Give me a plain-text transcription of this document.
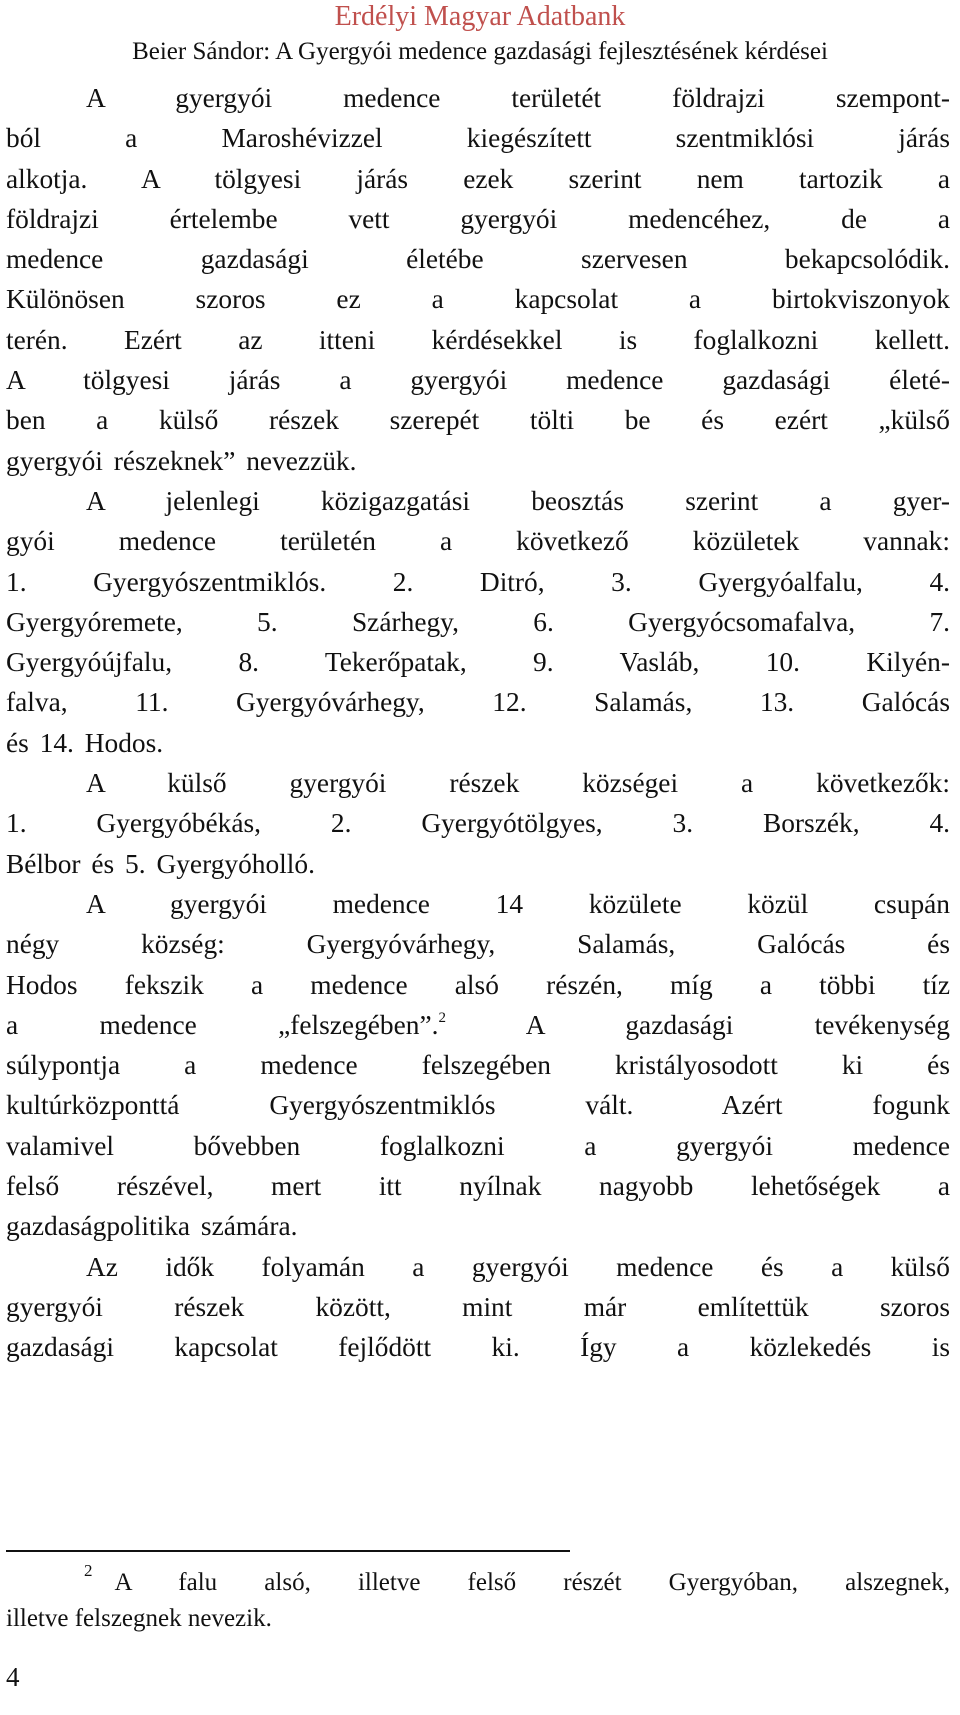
Erdélyi Magyar Adatbank
Beier Sándor: A Gyergyói medence gazdasági fejlesztésének kérdései

A gyergyói medence területét földrajzi szempont-

ból a Maroshévizzel kiegészített szentmiklósi járás

alkotja. A tölgyesi járás ezek szerint nem tartozik a

földrajzi értelembe vett gyergyói medencéhez, de a

medence gazdasági életébe szervesen bekapcsolódik.

Különösen szoros ez a kapcsolat a birtokviszonyok

terén. Ezért az itteni kérdésekkel is foglalkozni kellett.

A tölgyesi járás a gyergyói medence gazdasági életé-

ben a külső részek szerepét tölti be és ezért „külső

gyergyói részeknek” nevezzük.

A jelenlegi közigazgatási beosztás szerint a gyer-

gyói medence területén a következő közületek vannak:

1. Gyergyószentmiklós. 2. Ditró, 3. Gyergyóalfalu, 4.

Gyergyóremete, 5. Szárhegy, 6. Gyergyócsomafalva, 7.

Gyergyóújfalu, 8. Tekerőpatak, 9. Vasláb, 10. Kilyén-

falva, 11. Gyergyóvárhegy, 12. Salamás, 13. Galócás

és 14. Hodos.

A külső gyergyói részek községei a következők:

1. Gyergyóbékás, 2. Gyergyótölgyes, 3. Borszék, 4.

Bélbor és 5. Gyergyóholló.

A gyergyói medence 14 közülete közül csupán

négy község: Gyergyóvárhegy, Salamás, Galócás és

Hodos fekszik a medence alsó részén, míg a többi tíz

a medence „felszegében”.$^2$	A gazdasági tevékenység

súlypontja a medence felszegében kristályosodott ki és

kultúrközponttá Gyergyószentmiklós vált. Azért fogunk

valamivel bővebben foglalkozni a gyergyói medence

felső részével, mert itt nyílnak nagyobb lehetőségek a

gazdaságpolitika számára.

Az idők folyamán a gyergyói medence és a külső

gyergyói részek között, mint már említettük szoros

gazdasági kapcsolat fejlődött ki. Így a közlekedés is

$^2$ A falu alsó, illetve felső részét Gyergyóban, alszegnek,
illetve felszegnek nevezik.
4
